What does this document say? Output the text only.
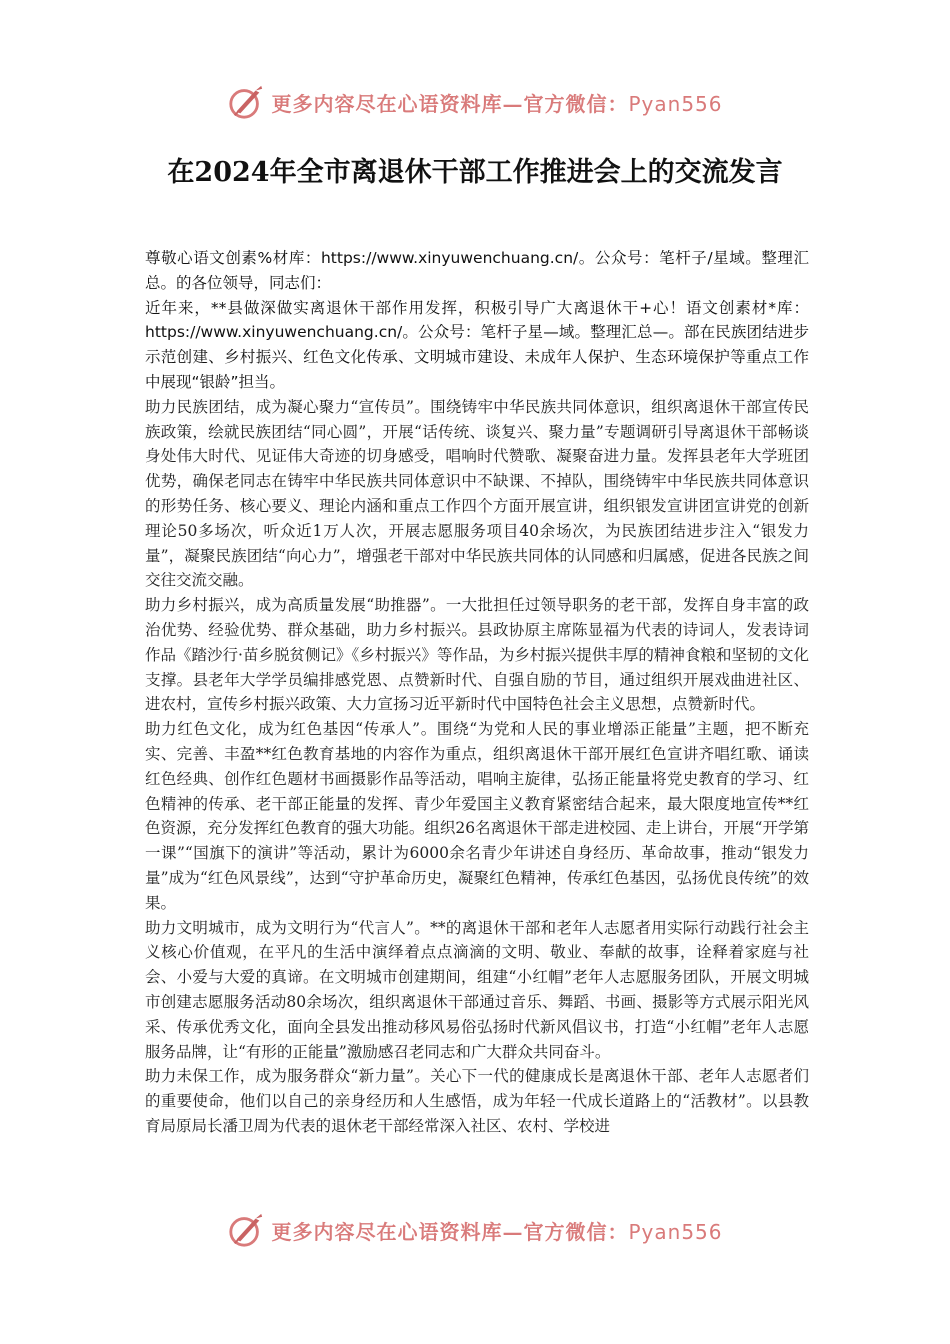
更多内容尽在心语资料库—官方微信：Pyan556
在2024年全市离退休干部工作推进会上的交流发言

尊敬心语文创素%材库：https://www.xinyuwenchuang.cn/。公众号：笔杆子/星域。整理汇总。的各位领导，同志们：

近年来，**县做深做实离退休干部作用发挥，积极引导广大离退休干+心！语文创素材*库：https://www.xinyuwenchuang.cn/。公众号：笔杆子星—域。整理汇总—。部在民族团结进步示范创建、乡村振兴、红色文化传承、文明城市建设、未成年人保护、生态环境保护等重点工作中展现“银龄”担当。

助力民族团结，成为凝心聚力“宣传员”。围绕铸牢中华民族共同体意识，组织离退休干部宣传民族政策，绘就民族团结“同心圆”，开展“话传统、谈复兴、聚力量”专题调研引导离退休干部畅谈身处伟大时代、见证伟大奇迹的切身感受，唱响时代赞歌、凝聚奋进力量。发挥县老年大学班团优势，确保老同志在铸牢中华民族共同体意识中不缺课、不掉队，围绕铸牢中华民族共同体意识的形势任务、核心要义、理论内涵和重点工作四个方面开展宣讲，组织银发宣讲团宣讲党的创新理论50多场次，听众近1万人次，开展志愿服务项目40余场次，为民族团结进步注入“银发力量”，凝聚民族团结“向心力”，增强老干部对中华民族共同体的认同感和归属感，促进各民族之间交往交流交融。

助力乡村振兴，成为高质量发展“助推器”。一大批担任过领导职务的老干部，发挥自身丰富的政治优势、经验优势、群众基础，助力乡村振兴。县政协原主席陈显福为代表的诗词人，发表诗词作品《踏沙行·苗乡脱贫侧记》《乡村振兴》等作品，为乡村振兴提供丰厚的精神食粮和坚韧的文化支撑。县老年大学学员编排感党恩、点赞新时代、自强自励的节目，通过组织开展戏曲进社区、进农村，宣传乡村振兴政策、大力宣扬习近平新时代中国特色社会主义思想，点赞新时代。

助力红色文化，成为红色基因“传承人”。围绕“为党和人民的事业增添正能量”主题，把不断充实、完善、丰盈**红色教育基地的内容作为重点，组织离退休干部开展红色宣讲齐唱红歌、诵读红色经典、创作红色题材书画摄影作品等活动，唱响主旋律，弘扬正能量将党史教育的学习、红色精神的传承、老干部正能量的发挥、青少年爱国主义教育紧密结合起来，最大限度地宣传**红色资源，充分发挥红色教育的强大功能。组织26名离退休干部走进校园、走上讲台，开展“开学第一课”“国旗下的演讲”等活动，累计为6000余名青少年讲述自身经历、革命故事，推动“银发力量”成为“红色风景线”，达到“守护革命历史，凝聚红色精神，传承红色基因，弘扬优良传统”的效果。

助力文明城市，成为文明行为“代言人”。**的离退休干部和老年人志愿者用实际行动践行社会主义核心价值观，在平凡的生活中演绎着点点滴滴的文明、敬业、奉献的故事，诠释着家庭与社会、小爱与大爱的真谛。在文明城市创建期间，组建“小红帽”老年人志愿服务团队，开展文明城市创建志愿服务活动80余场次，组织离退休干部通过音乐、舞蹈、书画、摄影等方式展示阳光风采、传承优秀文化，面向全县发出推动移风易俗弘扬时代新风倡议书，打造“小红帽”老年人志愿服务品牌，让“有形的正能量”激励感召老同志和广大群众共同奋斗。

助力未保工作，成为服务群众“新力量”。关心下一代的健康成长是离退休干部、老年人志愿者们的重要使命，他们以自己的亲身经历和人生感悟，成为年轻一代成长道路上的“活教材”。以县教育局原局长潘卫周为代表的退休老干部经常深入社区、农村、学校进

更多内容尽在心语资料库—官方微信：Pyan556
